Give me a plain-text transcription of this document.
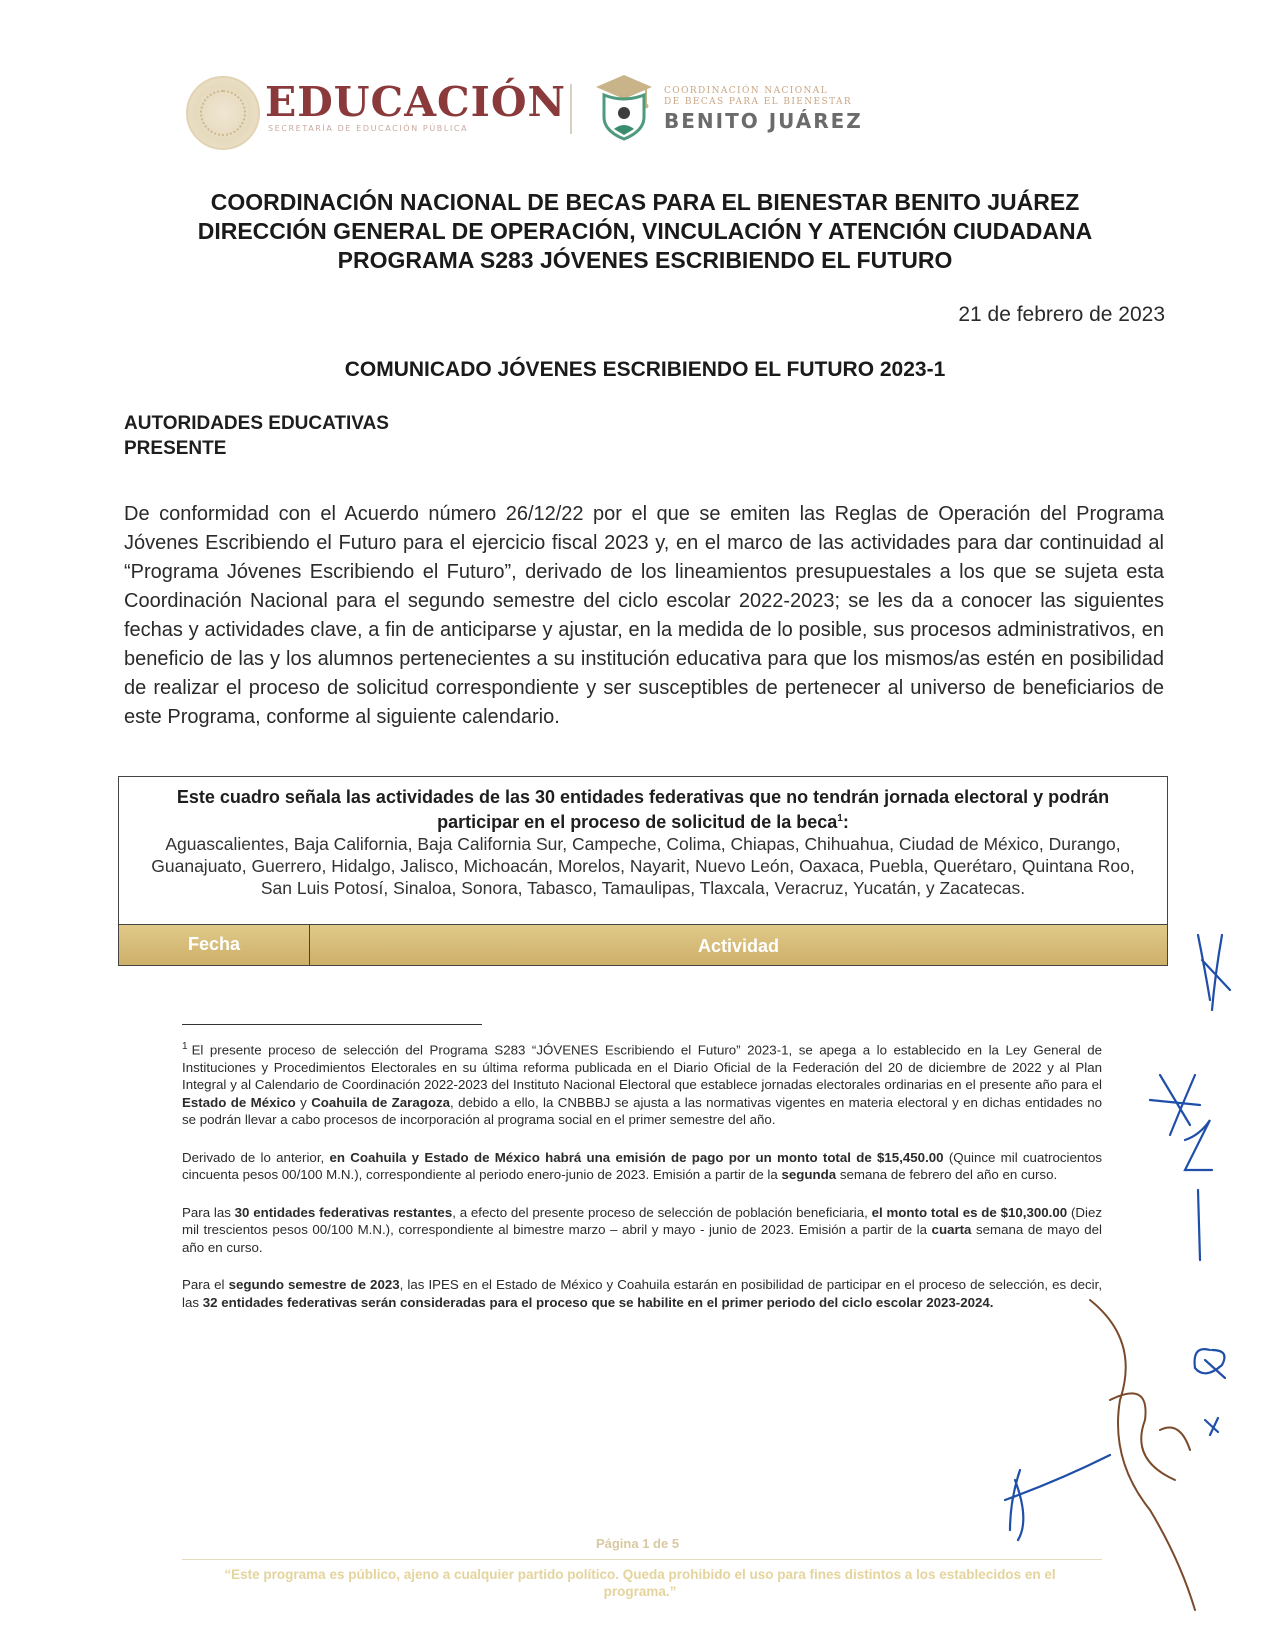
EDUCACIÓN
SECRETARÍA DE EDUCACIÓN PÚBLICA
COORDINACIÓN NACIONAL
DE BECAS PARA EL BIENESTAR
BENITO JUÁREZ
COORDINACIÓN NACIONAL DE BECAS PARA EL BIENESTAR BENITO JUÁREZ
DIRECCIÓN GENERAL DE OPERACIÓN, VINCULACIÓN Y ATENCIÓN CIUDADANA
PROGRAMA S283 JÓVENES ESCRIBIENDO EL FUTURO
21 de febrero de 2023
COMUNICADO JÓVENES ESCRIBIENDO EL FUTURO 2023-1
AUTORIDADES EDUCATIVAS
PRESENTE
De conformidad con el Acuerdo número 26/12/22 por el que se emiten las Reglas de Operación del Programa Jóvenes Escribiendo el Futuro para el ejercicio fiscal 2023 y, en el marco de las actividades para dar continuidad al “Programa Jóvenes Escribiendo el Futuro”, derivado de los lineamientos presupuestales a los que se sujeta esta Coordinación Nacional para el segundo semestre del ciclo escolar 2022-2023; se les da a conocer las siguientes fechas y actividades clave, a fin de anticiparse y ajustar, en la medida de lo posible, sus procesos administrativos, en beneficio de las y los alumnos pertenecientes a su institución educativa para que los mismos/as estén en posibilidad de realizar el proceso de solicitud correspondiente y ser susceptibles de pertenecer al universo de beneficiarios de este Programa, conforme al siguiente calendario.
Este cuadro señala las actividades de las 30 entidades federativas que no tendrán jornada electoral y podrán participar en el proceso de solicitud de la beca$^1$:
Aguascalientes, Baja California, Baja California Sur, Campeche, Colima, Chiapas, Chihuahua, Ciudad de México, Durango, Guanajuato, Guerrero, Hidalgo, Jalisco, Michoacán, Morelos, Nayarit, Nuevo León, Oaxaca, Puebla, Querétaro, Quintana Roo, San Luis Potosí, Sinaloa, Sonora, Tabasco, Tamaulipas, Tlaxcala, Veracruz, Yucatán, y Zacatecas.
Fecha	Actividad

$^1$ El presente proceso de selección del Programa S283 “JÓVENES Escribiendo el Futuro” 2023-1, se apega a lo establecido en la Ley General de Instituciones y Procedimientos Electorales en su última reforma publicada en el Diario Oficial de la Federación del 20 de diciembre de 2022 y al Plan Integral y al Calendario de Coordinación 2022-2023 del Instituto Nacional Electoral que establece jornadas electorales ordinarias en el presente año para el Estado de México y Coahuila de Zaragoza, debido a ello, la CNBBBJ se ajusta a las normativas vigentes en materia electoral y en dichas entidades no se podrán llevar a cabo procesos de incorporación al programa social en el primer semestre del año.

Derivado de lo anterior, en Coahuila y Estado de México habrá una emisión de pago por un monto total de $15,450.00 (Quince mil cuatrocientos cincuenta pesos 00/100 M.N.), correspondiente al periodo enero-junio de 2023. Emisión a partir de la segunda semana de febrero del año en curso.

Para las 30 entidades federativas restantes, a efecto del presente proceso de selección de población beneficiaria, el monto total es de $10,300.00 (Diez mil trescientos pesos 00/100 M.N.), correspondiente al bimestre marzo – abril y mayo - junio de 2023. Emisión a partir de la cuarta semana de mayo del año en curso.

Para el segundo semestre de 2023, las IPES en el Estado de México y Coahuila estarán en posibilidad de participar en el proceso de selección, es decir, las 32 entidades federativas serán consideradas para el proceso que se habilite en el primer periodo del ciclo escolar 2023-2024.

Página 1 de 5
“Este programa es público, ajeno a cualquier partido político. Queda prohibido el uso para fines distintos a los establecidos en el programa.”
